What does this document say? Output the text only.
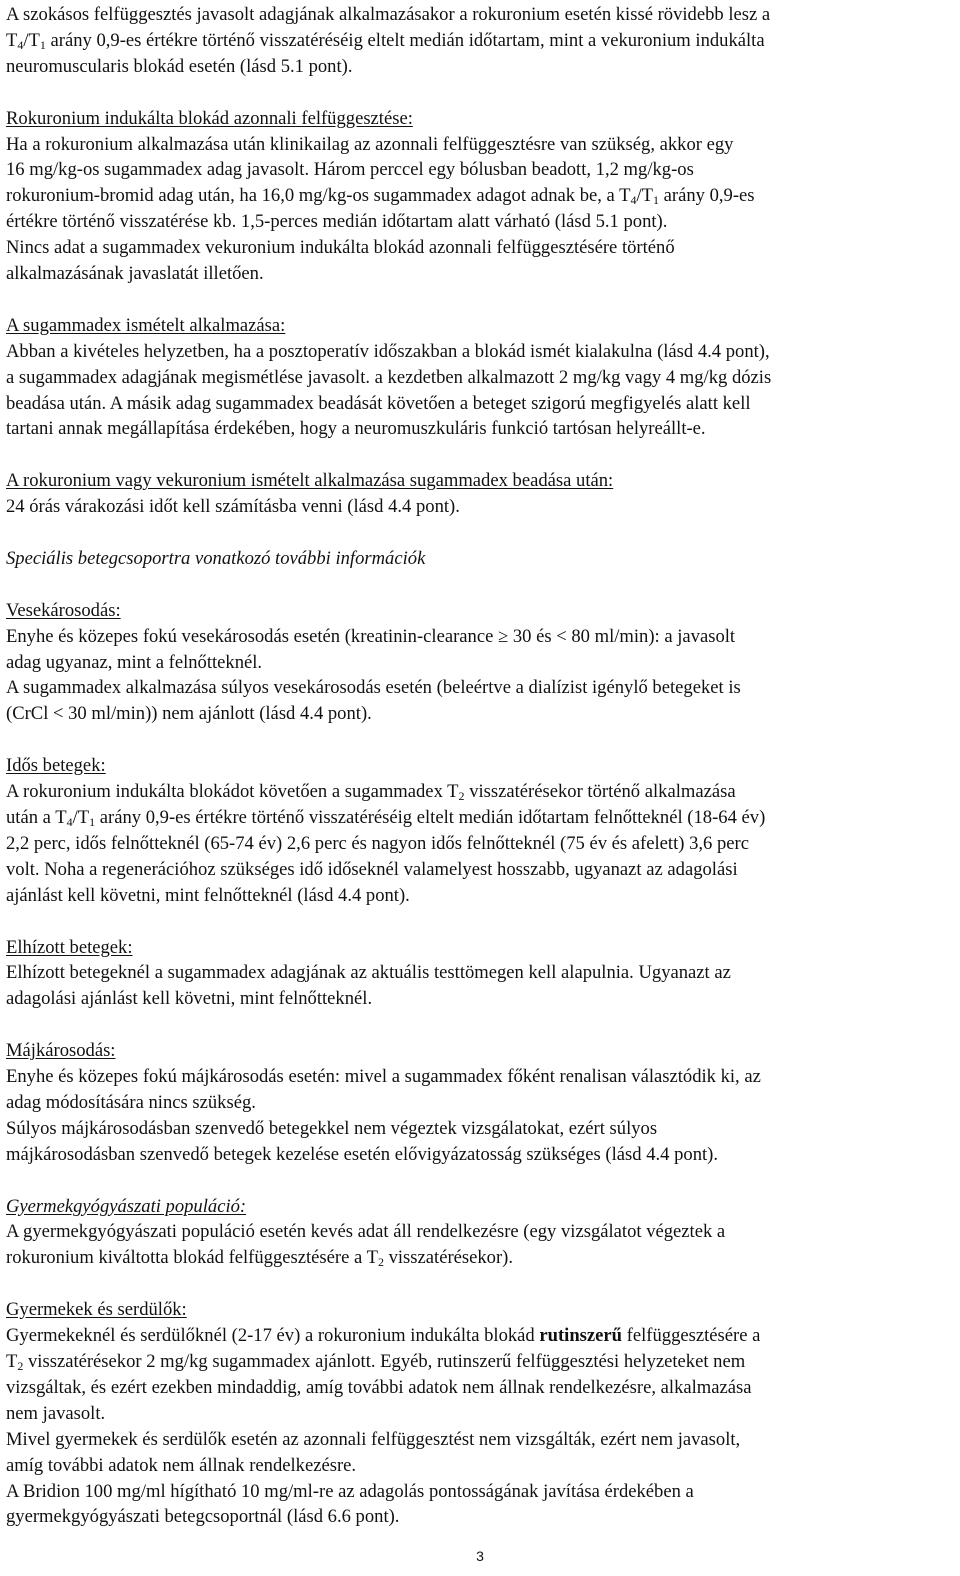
A szokásos felfüggesztés javasolt adagjának alkalmazásakor a rokuronium esetén kissé rövidebb lesz a

$T_4/T_1$ arány 0,9-es értékre történő visszatéréséig eltelt medián időtartam, mint a vekuronium indukálta

neuromuscularis blokád esetén (lásd 5.1 pont).

Rokuronium indukálta blokád azonnali felfüggesztése:

Ha a rokuronium alkalmazása után klinikailag az azonnali felfüggesztésre van szükség, akkor egy

16 mg/kg-os sugammadex adag javasolt. Három perccel egy bólusban beadott, 1,2 mg/kg-os

rokuronium-bromid adag után, ha 16,0 mg/kg-os sugammadex adagot adnak be, a $T_4/T_1$ arány 0,9-es

értékre történő visszatérése kb. 1,5-perces medián időtartam alatt várható (lásd 5.1 pont).

Nincs adat a sugammadex vekuronium indukálta blokád azonnali felfüggesztésére történő

alkalmazásának javaslatát illetően.

A sugammadex ismételt alkalmazása:

Abban a kivételes helyzetben, ha a posztoperatív időszakban a blokád ismét kialakulna (lásd 4.4 pont),

a sugammadex adagjának megismétlése javasolt. a kezdetben alkalmazott 2 mg/kg vagy 4 mg/kg dózis

beadása után. A másik adag sugammadex beadását követően a beteget szigorú megfigyelés alatt kell

tartani annak megállapítása érdekében, hogy a neuromuszkuláris funkció tartósan helyreállt-e.

A rokuronium vagy vekuronium ismételt alkalmazása sugammadex beadása után:

24 órás várakozási időt kell számításba venni (lásd 4.4 pont).

Speciális betegcsoportra vonatkozó további információk

Vesekárosodás:

Enyhe és közepes fokú vesekárosodás esetén (kreatinin-clearance ≥ 30 és < 80 ml/min): a javasolt

adag ugyanaz, mint a felnőtteknél.

A sugammadex alkalmazása súlyos vesekárosodás esetén (beleértve a dialízist igénylő betegeket is

(CrCl < 30 ml/min)) nem ajánlott (lásd 4.4 pont).

Idős betegek:

A rokuronium indukálta blokádot követően a sugammadex $T_2$ visszatérésekor történő alkalmazása

után a $T_4/T_1$ arány 0,9-es értékre történő visszatéréséig eltelt medián időtartam felnőtteknél (18-64 év)

2,2 perc, idős felnőtteknél (65-74 év) 2,6 perc és nagyon idős felnőtteknél (75 év és afelett) 3,6 perc

volt. Noha a regenerációhoz szükséges idő időseknél valamelyest hosszabb, ugyanazt az adagolási

ajánlást kell követni, mint felnőtteknél (lásd 4.4 pont).

Elhízott betegek:

Elhízott betegeknél a sugammadex adagjának az aktuális testtömegen kell alapulnia. Ugyanazt az

adagolási ajánlást kell követni, mint felnőtteknél.

Májkárosodás:

Enyhe és közepes fokú májkárosodás esetén: mivel a sugammadex főként renalisan választódik ki, az

adag módosítására nincs szükség.

Súlyos májkárosodásban szenvedő betegekkel nem végeztek vizsgálatokat, ezért súlyos

májkárosodásban szenvedő betegek kezelése esetén elővigyázatosság szükséges (lásd 4.4 pont).

Gyermekgyógyászati populáció:

A gyermekgyógyászati populáció esetén kevés adat áll rendelkezésre (egy vizsgálatot végeztek a

rokuronium kiváltotta blokád felfüggesztésére a $T_2$ visszatérésekor).

Gyermekek és serdülők:

Gyermekeknél és serdülőknél (2-17 év) a rokuronium indukálta blokád rutinszerű felfüggesztésére a

$T_2$ visszatérésekor 2 mg/kg sugammadex ajánlott. Egyéb, rutinszerű felfüggesztési helyzeteket nem

vizsgáltak, és ezért ezekben mindaddig, amíg további adatok nem állnak rendelkezésre, alkalmazása

nem javasolt.

Mivel gyermekek és serdülők esetén az azonnali felfüggesztést nem vizsgálták, ezért nem javasolt,

amíg további adatok nem állnak rendelkezésre.

A Bridion 100 mg/ml hígítható 10 mg/ml-re az adagolás pontosságának javítása érdekében a

gyermekgyógyászati betegcsoportnál (lásd 6.6 pont).

3
